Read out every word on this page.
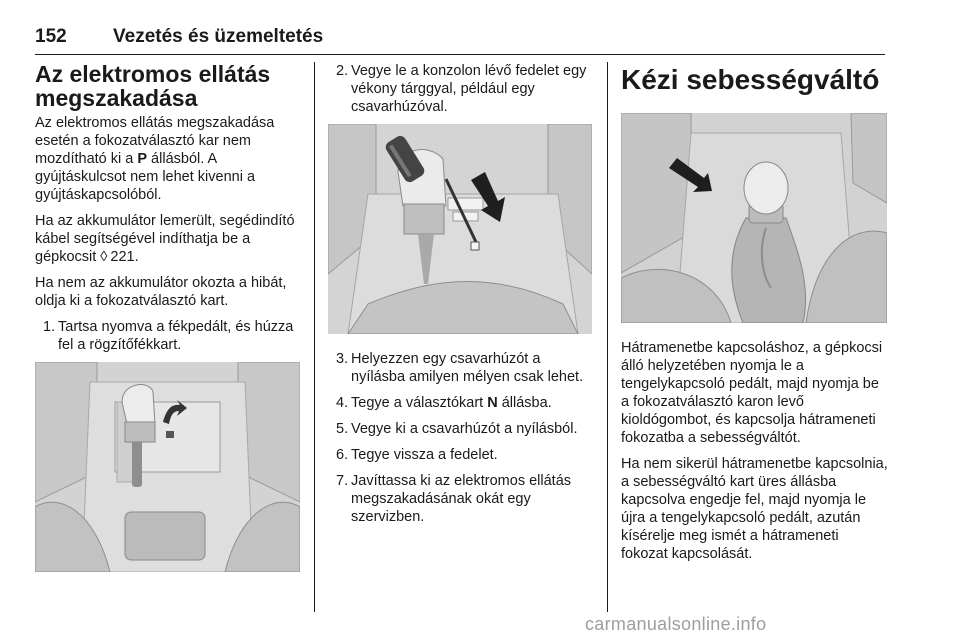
152 Vezetés és üzemeltetés
Az elektromos ellátás megszakadása

Az elektromos ellátás megszakadása esetén a fokozatválasztó kar nem mozdítható ki a P állásból. A gyújtáskulcsot nem lehet kivenni a gyújtáskapcsolóból.

Ha az akkumulátor lemerült, segédindító kábel segítségével indíthatja be a gépkocsit ◊  221.

Ha nem az akkumulátor okozta a hibát, oldja ki a fokozatválasztó kart.

1. Tartsa nyomva a fékpedált, és húzza fel a rögzítőfékkart.
2. Vegye le a konzolon lévő fedelet egy vékony tárggyal, például egy csavarhúzóval.
3. Helyezzen egy csavarhúzót a nyílásba amilyen mélyen csak lehet.
4. Tegye a választókart N állásba.
5. Vegye ki a csavarhúzót a nyílásból.
6. Tegye vissza a fedelet.
7. Javíttassa ki az elektromos ellátás megszakadásának okát egy szervizben.
Kézi sebességváltó

Hátramenetbe kapcsoláshoz, a gépkocsi álló helyzetében nyomja le a tengelykapcsoló pedált, majd nyomja be a fokozatválasztó karon levő kioldógombot, és kapcsolja hátrameneti fokozatba a sebességváltót.

Ha nem sikerül hátramenetbe kapcsolnia, a sebességváltó kart üres állásba kapcsolva engedje fel, majd nyomja le újra a tengelykapcsoló pedált, azután kísérelje meg ismét a hátrameneti fokozat kapcsolását.

carmanualsonline.info
